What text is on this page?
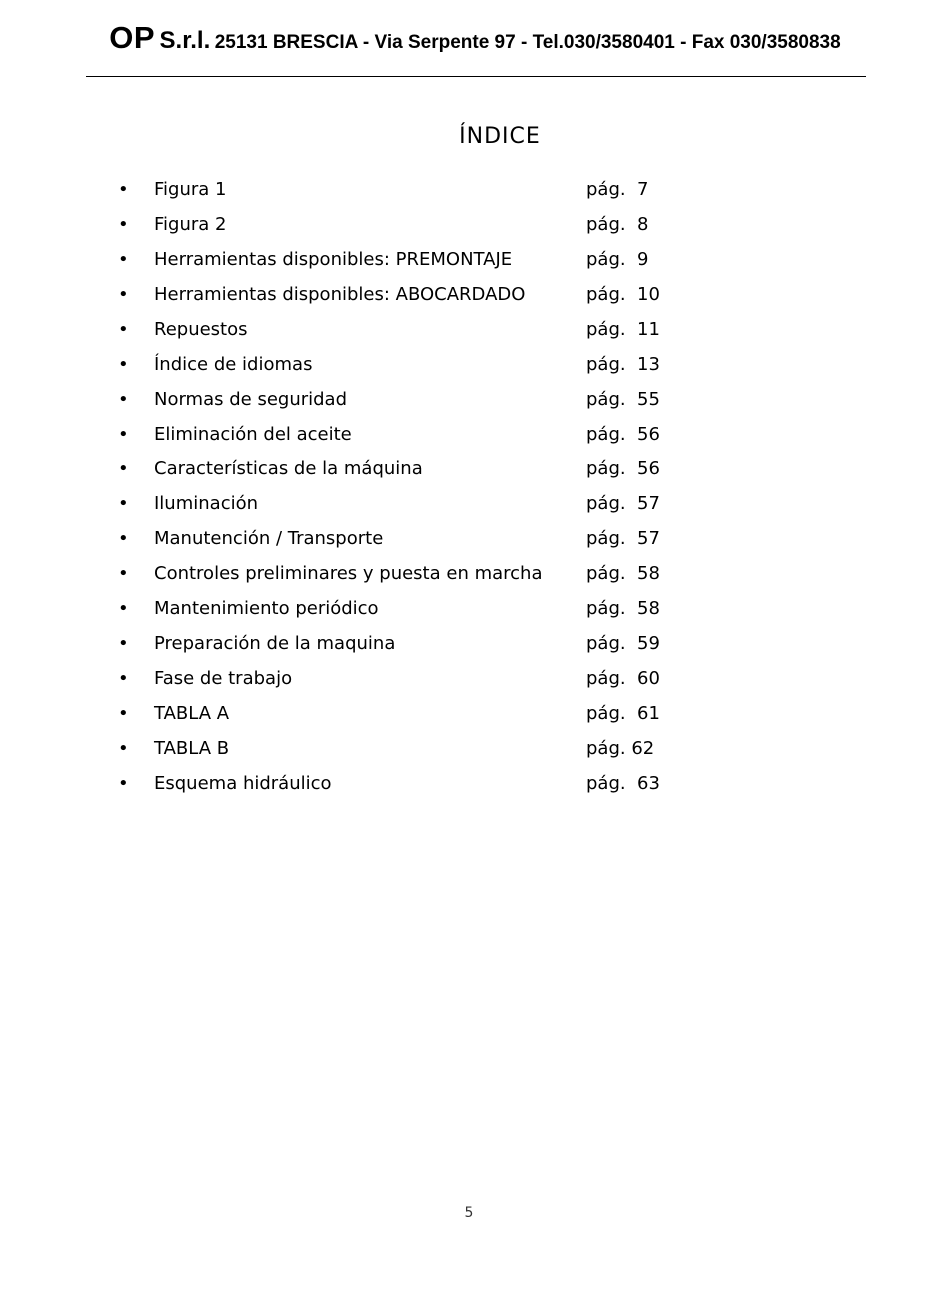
OP S.r.l. 25131 BRESCIA - Via Serpente 97 - Tel.030/3580401 - Fax 030/3580838
ÍNDICE
•	Figura 1	pág.  7
•	Figura 2	pág.  8
•	Herramientas disponibles: PREMONTAJE	pág.  9
•	Herramientas disponibles: ABOCARDADO	pág.  10
•	Repuestos	pág.  11
•	Índice de idiomas	pág.  13
•	Normas de seguridad	pág.  55
•	Eliminación del aceite	pág.  56
•	Características de la máquina	pág.  56
•	Iluminación	pág.  57
•	Manutención / Transporte	pág.  57
•	Controles preliminares y puesta en marcha	pág.  58
•	Mantenimiento periódico	pág.  58
•	Preparación de la maquina	pág.  59
•	Fase de trabajo	pág.  60
•	TABLA A	pág.  61
•	TABLA B	pág. 62
•	Esquema hidráulico	pág.  63
5
